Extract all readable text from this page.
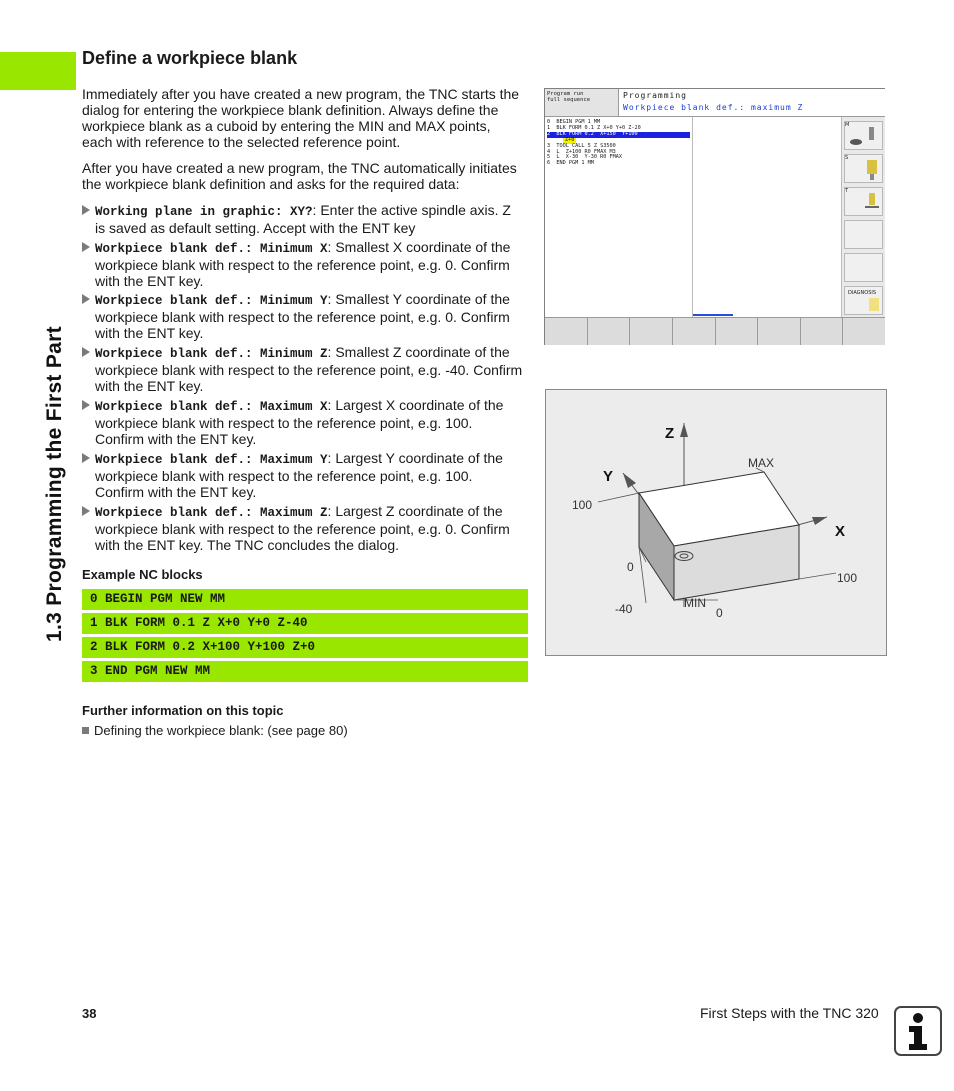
1.3 Programming the First Part
Define a workpiece blank

Immediately after you have created a new program, the TNC starts the dialog for entering the workpiece blank definition. Always define the workpiece blank as a cuboid by entering the MIN and MAX points, each with reference to the selected reference point.

After you have created a new program, the TNC automatically initiates the workpiece blank definition and asks for the required data:

Working plane in graphic: XY?: Enter the active spindle axis. Z is saved as default setting. Accept with the ENT key
Workpiece blank def.: Minimum X: Smallest X coordinate of the workpiece blank with respect to the reference point, e.g. 0. Confirm with the ENT key.
Workpiece blank def.: Minimum Y: Smallest Y coordinate of the workpiece blank with respect to the reference point, e.g. 0. Confirm with the ENT key.
Workpiece blank def.: Minimum Z: Smallest Z coordinate of the workpiece blank with respect to the reference point, e.g. -40. Confirm with the ENT key.
Workpiece blank def.: Maximum X: Largest X coordinate of the workpiece blank with respect to the reference point, e.g. 100. Confirm with the ENT key.
Workpiece blank def.: Maximum Y: Largest Y coordinate of the workpiece blank with respect to the reference point, e.g. 100. Confirm with the ENT key.
Workpiece blank def.: Maximum Z: Largest Z coordinate of the workpiece blank with respect to the reference point, e.g. 0. Confirm with the ENT key. The TNC concludes the dialog.
Example NC blocks
0 BEGIN PGM NEW MM
1 BLK FORM 0.1 Z X+0 Y+0 Z-40
2 BLK FORM 0.2 X+100 Y+100 Z+0
3 END PGM NEW MM
Further information on this topic
Defining the workpiece blank: (see page 80)
Program run
full sequence	Programming
Workpiece blank def.: maximum Z
0  BEGIN PGM 1 MM
1  BLK FORM 0.1 Z X+0 Y+0 Z-20
2  BLK FORM 0.2  X+150  Y+100
Z+0
3  TOOL CALL 5 Z S3500
4  L  Z+100 R0 FMAX M3
5  L  X-30  Y-30 R0 FMAX
6  END PGM 1 MM
M
S
T
DIAGNOSIS
Z
Y
X
MAX
MIN
100
0
-40
100
0
38	First Steps with the TNC 320
